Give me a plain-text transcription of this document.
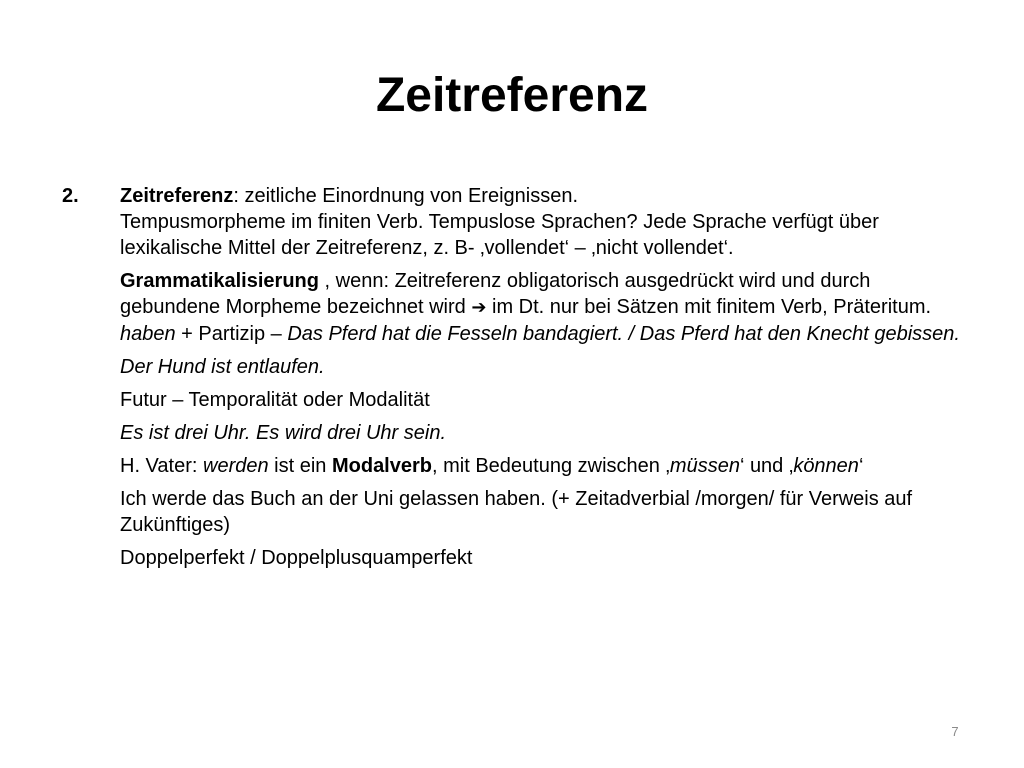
Zeitreferenz
2. Zeitreferenz: zeitliche Einordnung von Ereignissen.
Tempusmorpheme im finiten Verb. Tempuslose Sprachen? Jede Sprache verfügt über lexikalische Mittel der Zeitreferenz, z. B- ‚vollendet‘ – ‚nicht vollendet‘.

Grammatikalisierung , wenn: Zeitreferenz obligatorisch ausgedrückt wird und durch gebundene Morpheme bezeichnet wird ➔ im Dt. nur bei Sätzen mit finitem Verb, Präteritum.
haben + Partizip – Das Pferd hat die Fesseln bandagiert. / Das Pferd hat den Knecht gebissen.

Der Hund ist entlaufen.

Futur – Temporalität oder Modalität

Es ist drei Uhr. Es wird drei Uhr sein.

H. Vater: werden ist ein Modalverb, mit Bedeutung zwischen ‚müssen‘ und ‚können‘

Ich werde das Buch an der Uni gelassen haben. (+ Zeitadverbial /morgen/ für Verweis auf Zukünftiges)

Doppelperfekt / Doppelplusquamperfekt

7
